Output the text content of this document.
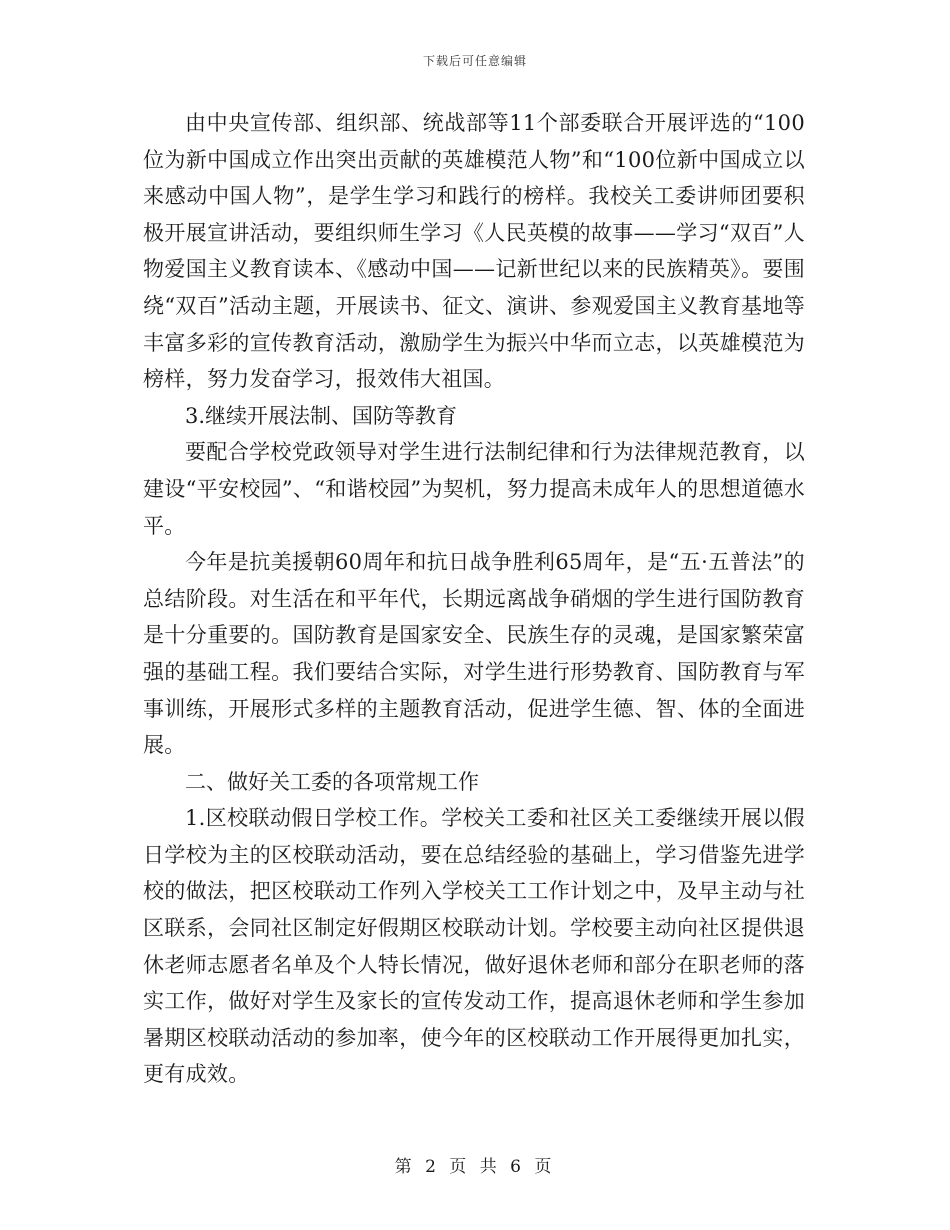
下载后可任意编辑

由中央宣传部、组织部、统战部等11个部委联合开展评选的“100位为新中国成立作出突出贡献的英雄模范人物”和“100位新中国成立以来感动中国人物”，是学生学习和践行的榜样。我校关工委讲师团要积极开展宣讲活动，要组织师生学习《人民英模的故事——学习“双百”人物爱国主义教育读本、《感动中国——记新世纪以来的民族精英》。要围绕“双百”活动主题，开展读书、征文、演讲、参观爱国主义教育基地等丰富多彩的宣传教育活动，激励学生为振兴中华而立志，以英雄模范为榜样，努力发奋学习，报效伟大祖国。

3.继续开展法制、国防等教育

要配合学校党政领导对学生进行法制纪律和行为法律规范教育，以建设“平安校园”、“和谐校园”为契机，努力提高未成年人的思想道德水平。

今年是抗美援朝60周年和抗日战争胜利65周年，是“五·五普法”的总结阶段。对生活在和平年代，长期远离战争硝烟的学生进行国防教育是十分重要的。国防教育是国家安全、民族生存的灵魂，是国家繁荣富强的基础工程。我们要结合实际，对学生进行形势教育、国防教育与军事训练，开展形式多样的主题教育活动，促进学生德、智、体的全面进展。

二、做好关工委的各项常规工作

1.区校联动假日学校工作。学校关工委和社区关工委继续开展以假日学校为主的区校联动活动，要在总结经验的基础上，学习借鉴先进学校的做法，把区校联动工作列入学校关工工作计划之中，及早主动与社区联系，会同社区制定好假期区校联动计划。学校要主动向社区提供退休老师志愿者名单及个人特长情况，做好退休老师和部分在职老师的落实工作，做好对学生及家长的宣传发动工作，提高退休老师和学生参加暑期区校联动活动的参加率，使今年的区校联动工作开展得更加扎实，更有成效。

第 2 页 共 6 页
